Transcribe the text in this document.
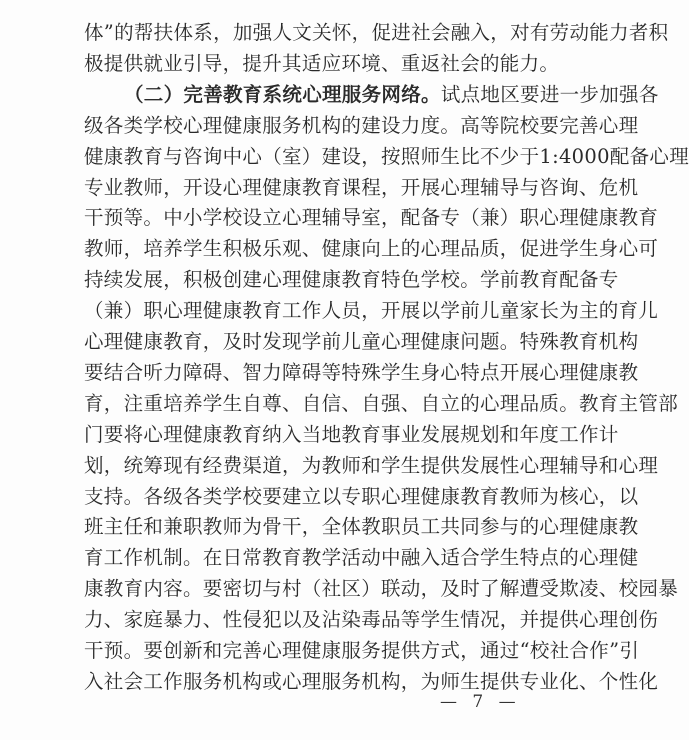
体”的帮扶体系，加强人文关怀，促进社会融入，对有劳动能力者积
极提供就业引导，提升其适应环境、重返社会的能力。
（二）完善教育系统心理服务网络。试点地区要进一步加强各
级各类学校心理健康服务机构的建设力度。高等院校要完善心理
健康教育与咨询中心（室）建设，按照师生比不少于1:4000配备心理
专业教师，开设心理健康教育课程，开展心理辅导与咨询、危机
干预等。中小学校设立心理辅导室，配备专（兼）职心理健康教育
教师，培养学生积极乐观、健康向上的心理品质，促进学生身心可
持续发展，积极创建心理健康教育特色学校。学前教育配备专
（兼）职心理健康教育工作人员，开展以学前儿童家长为主的育儿
心理健康教育，及时发现学前儿童心理健康问题。特殊教育机构
要结合听力障碍、智力障碍等特殊学生身心特点开展心理健康教
育，注重培养学生自尊、自信、自强、自立的心理品质。教育主管部
门要将心理健康教育纳入当地教育事业发展规划和年度工作计
划，统筹现有经费渠道，为教师和学生提供发展性心理辅导和心理
支持。各级各类学校要建立以专职心理健康教育教师为核心，以
班主任和兼职教师为骨干，全体教职员工共同参与的心理健康教
育工作机制。在日常教育教学活动中融入适合学生特点的心理健
康教育内容。要密切与村（社区）联动，及时了解遭受欺凌、校园暴
力、家庭暴力、性侵犯以及沾染毒品等学生情况，并提供心理创伤
干预。要创新和完善心理健康服务提供方式，通过“校社合作”引
入社会工作服务机构或心理服务机构，为师生提供专业化、个性化
— 7 —
